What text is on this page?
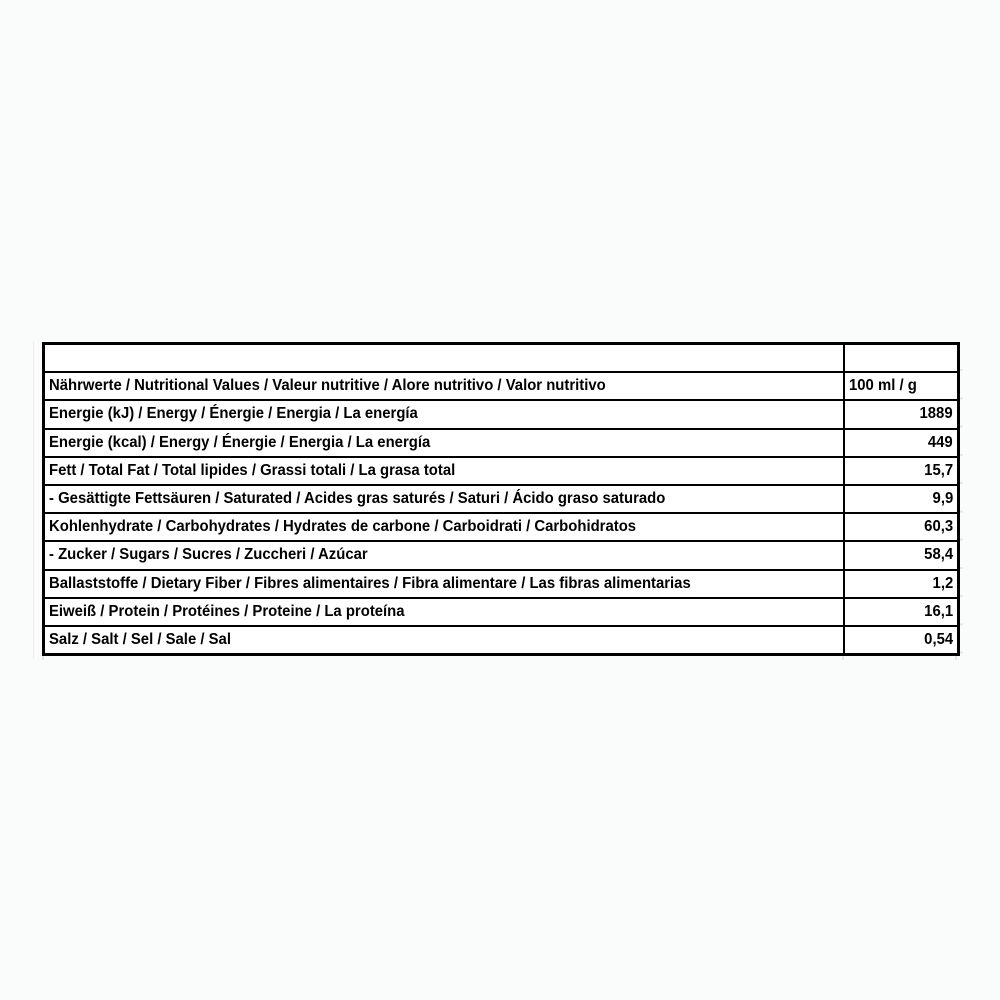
Nährwerte / Nutritional Values / Valeur nutritive / Alore nutritivo / Valor nutritivo	100 ml / g
Energie (kJ) / Energy / Énergie / Energia / La energía	1889
Energie (kcal) / Energy / Énergie / Energia / La energía	449
Fett / Total Fat / Total lipides / Grassi totali / La grasa total	15,7
- Gesättigte Fettsäuren / Saturated / Acides gras saturés / Saturi / Ácido graso saturado	9,9
Kohlenhydrate / Carbohydrates / Hydrates de carbone / Carboidrati / Carbohidratos	60,3
- Zucker / Sugars / Sucres / Zuccheri / Azúcar	58,4
Ballaststoffe / Dietary Fiber / Fibres alimentaires / Fibra alimentare / Las fibras alimentarias	1,2
Eiweiß / Protein / Protéines / Proteine / La proteína	16,1
Salz / Salt / Sel / Sale / Sal	0,54
